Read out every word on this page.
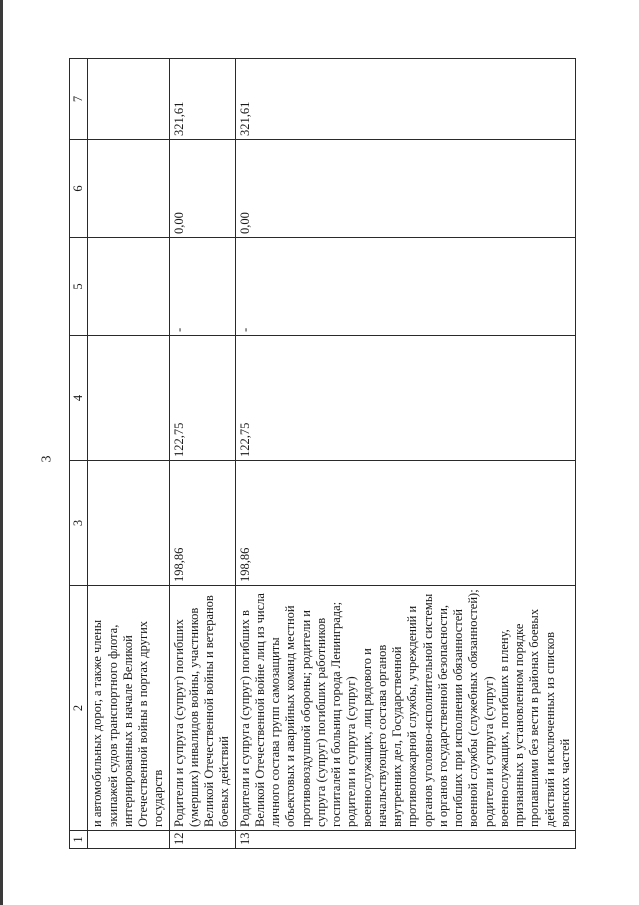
3
1	2	3	4	5	6	7
	и автомобильных дорог, а также члены экипажей судов транспортного флота, интернированных в начале Великой Отечественной войны в портах других государств					
12	Родители и супруга (супруг) погибших (умерших) инвалидов войны, участников Великой Отечественной войны и ветеранов боевых действий	198,86	122,75	-	0,00	321,61
13	Родители и супруга (супруг) погибших в Великой Отечественной войне лиц из числа личного состава групп самозащиты объектовых и аварийных команд местной противовоздушной обороны; родители и супруга (супруг) погибших работников госпиталей и больниц города Ленинграда; родители и супруга (супруг) военнослужащих, лиц рядового и начальствующего состава органов внутренних дел, Государственной противопожарной службы, учреждений и органов уголовно-исполнительной системы и органов государственной безопасности, погибших при исполнении обязанностей военной службы (служебных обязанностей); родители и супруга (супруг) военнослужащих, погибших в плену, признанных в установленном порядке пропавшими без вести в районах боевых действий и исключенных из списков воинских частей	198,86	122,75	-	0,00	321,61
